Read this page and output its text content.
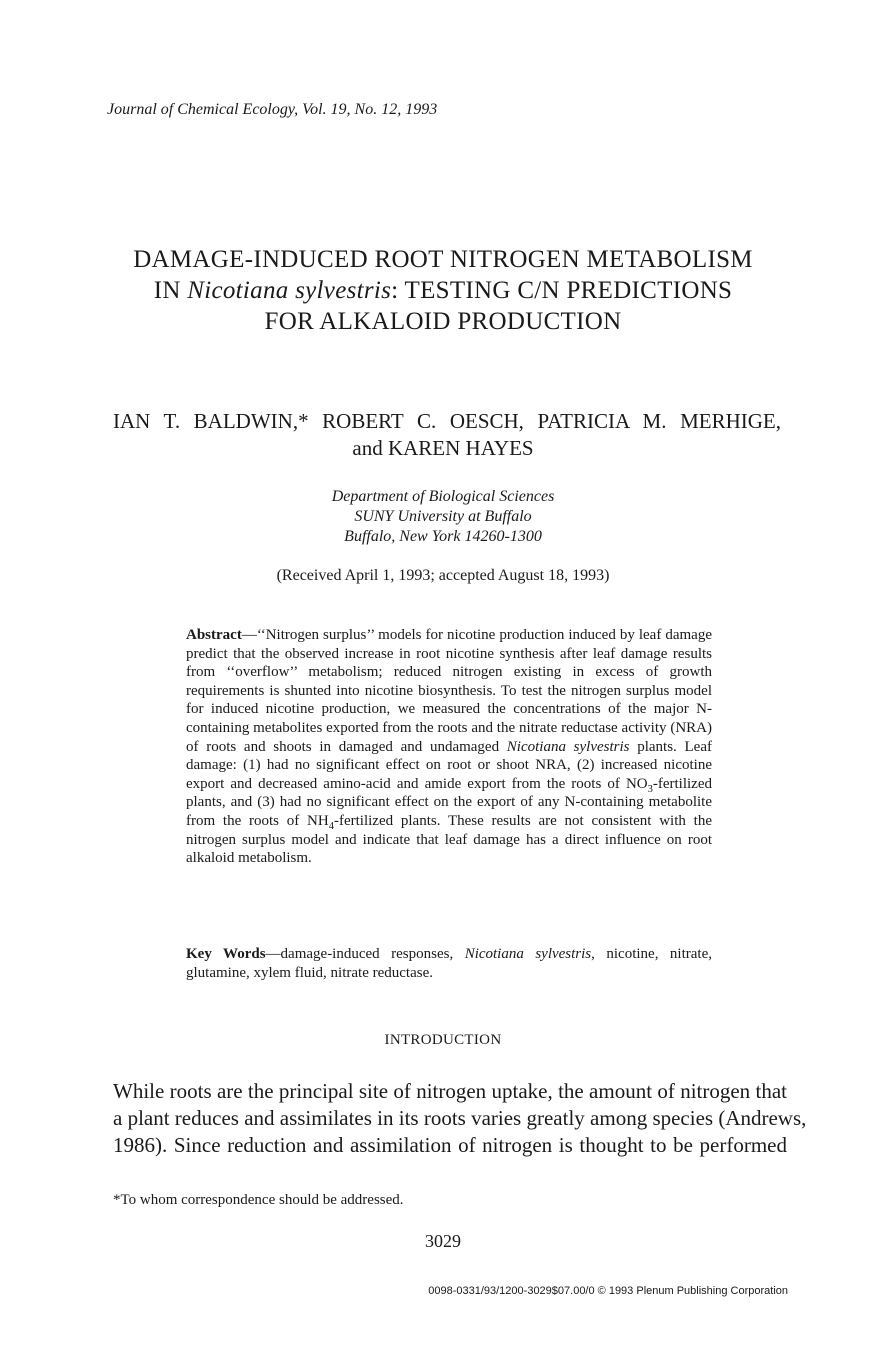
Journal of Chemical Ecology, Vol. 19, No. 12, 1993
DAMAGE-INDUCED ROOT NITROGEN METABOLISM
IN Nicotiana sylvestris: TESTING C/N PREDICTIONS
FOR ALKALOID PRODUCTION
IAN T. BALDWIN,* ROBERT C. OESCH, PATRICIA M. MERHIGE,
and KAREN HAYES
Department of Biological Sciences
SUNY University at Buffalo
Buffalo, New York 14260-1300
(Received April 1, 1993; accepted August 18, 1993)
Abstract—‘‘Nitrogen surplus’’ models for nicotine production induced by leaf damage predict that the observed increase in root nicotine synthesis after leaf damage results from ‘‘overflow’’ metabolism; reduced nitrogen existing in excess of growth requirements is shunted into nicotine biosynthesis. To test the nitrogen surplus model for induced nicotine production, we measured the concentrations of the major N-containing metabolites exported from the roots and the nitrate reductase activity (NRA) of roots and shoots in damaged and undamaged Nicotiana sylvestris plants. Leaf damage: (1) had no significant effect on root or shoot NRA, (2) increased nicotine export and decreased amino-acid and amide export from the roots of $NO_3$-fertilized plants, and (3) had no significant effect on the export of any N-containing metabolite from the roots of $NH_4$-fertilized plants. These results are not consistent with the nitrogen surplus model and indicate that leaf damage has a direct influence on root alkaloid metabolism.
Key Words—damage-induced responses, Nicotiana sylvestris, nicotine, nitrate, glutamine, xylem fluid, nitrate reductase.
INTRODUCTION
While roots are the principal site of nitrogen uptake, the amount of nitrogen that
a plant reduces and assimilates in its roots varies greatly among species (Andrews,
1986). Since reduction and assimilation of nitrogen is thought to be performed
*To whom correspondence should be addressed.
3029
0098-0331/93/1200-3029$07.00/0 © 1993 Plenum Publishing Corporation
